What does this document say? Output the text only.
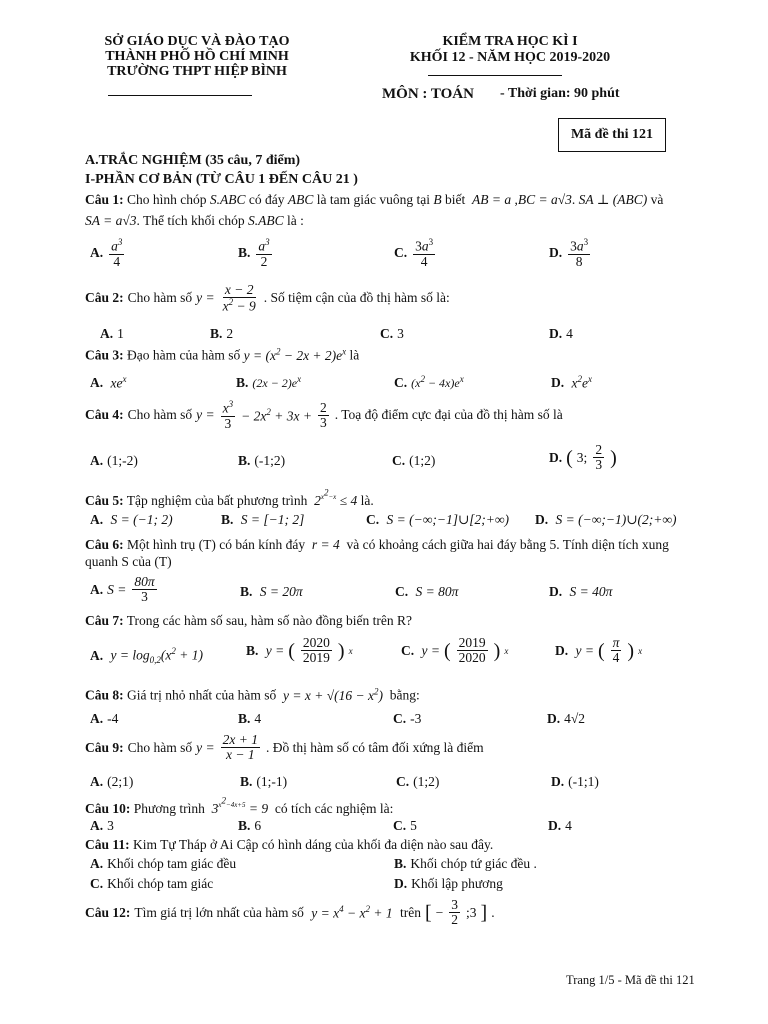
SỞ GIÁO DỤC VÀ ĐÀO TẠO
THÀNH PHỐ HỒ CHÍ MINH
TRƯỜNG THPT HIỆP BÌNH
KIỂM TRA HỌC KÌ I
KHỐI 12 - NĂM HỌC 2019-2020
MÔN : TOÁN - Thời gian: 90 phút
Mã đề thi 121
A.TRẮC NGHIỆM (35 câu, 7 điểm)
I-PHẦN CƠ BẢN (TỪ CÂU 1 ĐẾN CÂU 21 )
Câu 1: Cho hình chóp S.ABC có đáy ABC là tam giác vuông tại B biết  AB = a ,BC = a√3. SA ⊥ (ABC) và
SA = a√3. Thể tích khối chóp S.ABC là :
A. $\frac{a^3}{4}$	B. $\frac{a^3}{2}$	C. $\frac{3a^3}{4}$	D. $\frac{3a^3}{8}$
Câu 2: Cho hàm số $y = \frac{x - 2}{x^2 - 9}$ . Số tiệm cận của đồ thị hàm số là:
A. 1	B. 2	C. 3	D. 4
Câu 3: Đạo hàm của hàm số $y = (x^2 - 2x + 2)e^x$ là
A. $xe^x$	B. $(2x - 2)e^x$	C. $(x^2 - 4x)e^x$	D. $x^2e^x$
Câu 4: Cho hàm số $y = \frac{x^3}{3} - 2x^2 + 3x + \frac{2}{3}$ . Toạ độ điểm cực đại của đồ thị hàm số là
A. (1;-2)	B. (-1;2)	C. (1;2)	D. ( 3; $\frac{2}{3}$ )
Câu 5: Tập nghiệm của bất phương trình  $2^{x^2-x} \le 4$ là.
A. S = (−1; 2)	B. S = [−1; 2]	C. S = (−∞;−1]∪[2;+∞) D. S = (−∞;−1)∪(2;+∞)
Câu 6: Một hình trụ (T) có bán kính đáy  r = 4  và có khoảng cách giữa hai đáy bằng 5. Tính diện tích xung
quanh S của (T)
A. $S = \frac{80\pi}{3}$	B. S = 20π	C. S = 80π	D. S = 40π
Câu 7: Trong các hàm số sau, hàm số nào đồng biến trên R?
A. $y = \log_{0,2}(x^2 + 1)$	B. y = ( $\frac{2020}{2019}$ ) x	C. y = ( $\frac{2019}{2020}$ ) x	D. y = ( $\frac{\pi}{4}$ ) x
Câu 8: Giá trị nhỏ nhất của hàm số  $y = x + √(16 - x^2)$  bằng:
A. -4	B. 4	C. -3	D. 4√2
Câu 9: Cho hàm số $y = \frac{2x + 1}{x - 1}$ . Đồ thị hàm số có tâm đối xứng là điểm
A. (2;1)	B. (1;-1)	C. (1;2)	D. (-1;1)
Câu 10: Phương trình  $3^{x^2-4x+5} = 9$  có tích các nghiệm là:
A. 3	B. 6	C. 5	D. 4
Câu 11: Kim Tự Tháp ở Ai Cập có hình dáng của khối đa diện nào sau đây.
A. Khối chóp tam giác đều	B. Khối chóp tứ giác đều .
C. Khối chóp tam giác	D. Khối lập phương
Câu 12: Tìm giá trị lớn nhất của hàm số $y = x^4 - x^2 + 1$ trên [ − $\frac{3}{2}$ ;3 ] .
Trang 1/5 - Mã đề thi 121
